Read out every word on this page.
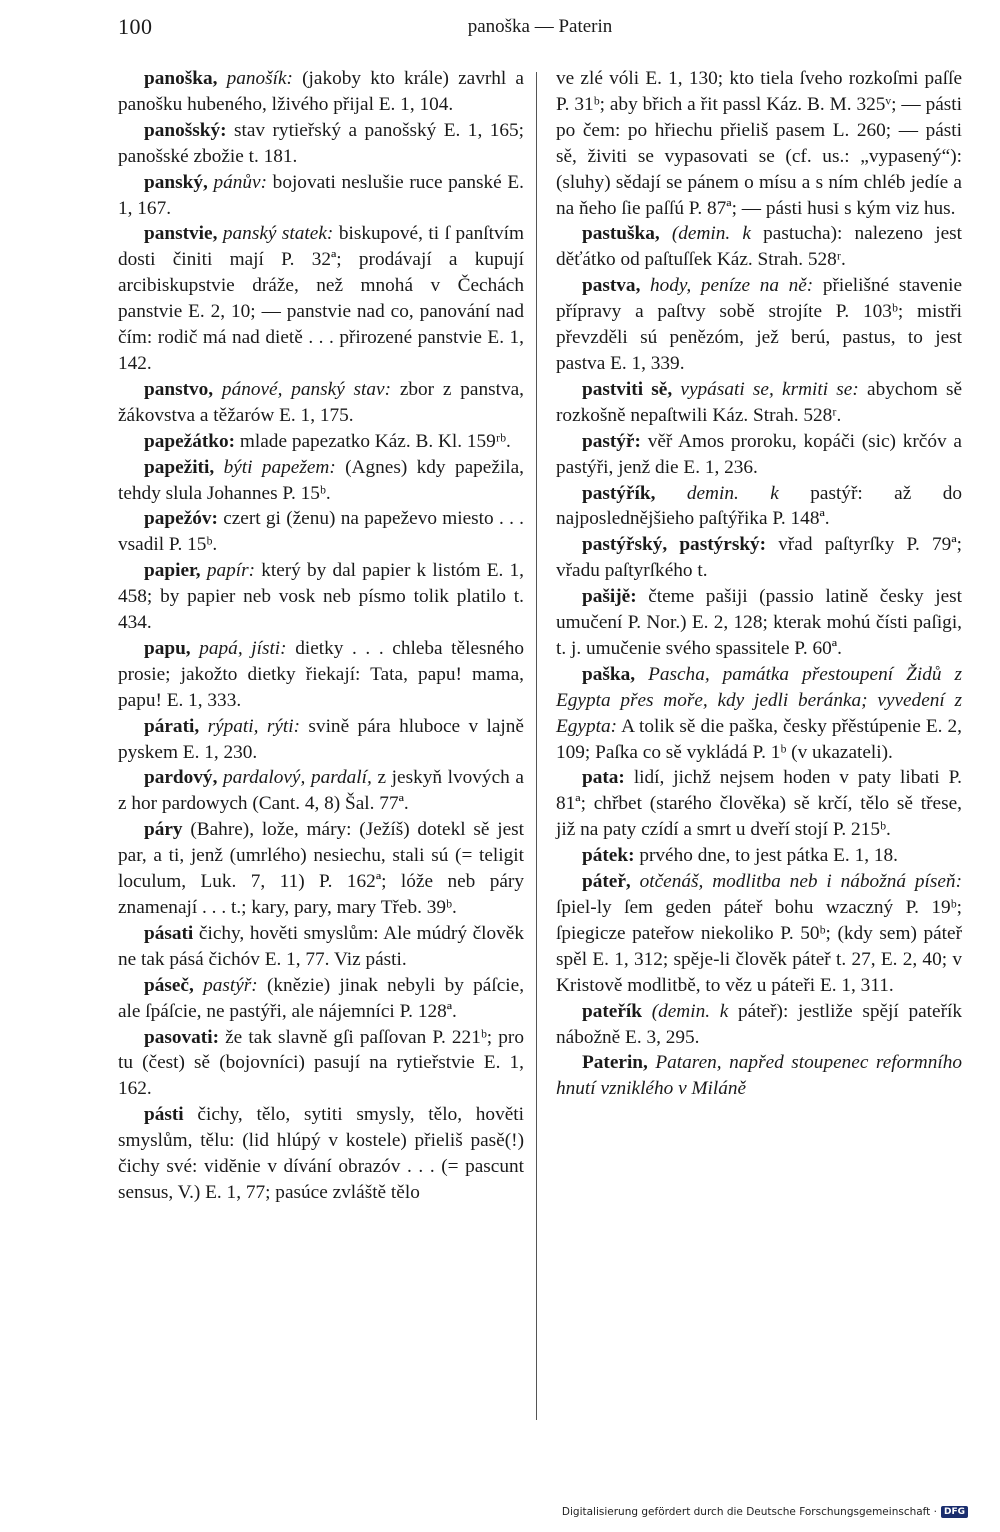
100	panoška — Paterin

panoška, panošík: (jakoby kto krále) zavrhl a panošku hubeného, lživého přijal E. 1, 104.

panošský: stav rytieřský a panošský E. 1, 165; panošské zbožie t. 181.

panský, pánův: bojovati neslušie ruce panské E. 1, 167.

panstvie, panský statek: biskupové, ti ſ panſtvím dosti činiti mají P. 32ª; prodávají a kupují arcibiskupstvie dráže, než mnohá v Čechách panstvie E. 2, 10; — panstvie nad co, panování nad čím: rodič má nad dietě . . . přirozené panstvie E. 1, 142.

panstvo, pánové, panský stav: zbor z panstva, žákovstva a těžarów E. 1, 175.

papežátko: mlade papezatko Káz. B. Kl. 159ʳᵇ.

papežiti, býti papežem: (Agnes) kdy papežila, tehdy slula Johannes P. 15ᵇ.

papežóv: czert gi (ženu) na papeževo miesto . . . vsadil P. 15ᵇ.

papier, papír: který by dal papier k listóm E. 1, 458; by papier neb vosk neb písmo tolik platilo t. 434.

papu, papá, jísti: dietky . . . chleba tělesného prosie; jakožto dietky řiekají: Tata, papu! mama, papu! E. 1, 333.

párati, rýpati, rýti: svině pára hluboce v lajně pyskem E. 1, 230.

pardový, pardalový, pardalí, z jeskyň lvových a z hor pardowych (Cant. 4, 8) Šal. 77ª.

páry (Bahre), lože, máry: (Ježíš) dotekl sě jest par, a ti, jenž (umrlého) nesiechu, stali sú (= teligit loculum, Luk. 7, 11) P. 162ª; lóže neb páry znamenají . . . t.; kary, pary, mary Třeb. 39ᵇ.

pásati čichy, hověti smyslům: Ale múdrý člověk ne tak pásá čichóv E. 1, 77. Viz pásti.

páseč, pastýř: (knězie) jinak nebyli by páſcie, ale ſpáſcie, ne pastýři, ale nájemníci P. 128ª.

pasovati: že tak slavně gſi paſſovan P. 221ᵇ; pro tu (čest) sě (bojovníci) pasují na rytieřstvie E. 1, 162.

pásti čichy, tělo, sytiti smysly, tělo, hověti smyslům, tělu: (lid hlúpý v kostele) přieliš pasě(!) čichy své: vidĕnie v dívání obrazóv . . . (= pascunt sensus, V.) E. 1, 77; pasúce zvláště tělo

ve zlé vóli E. 1, 130; kto tiela ſveho rozkoſmi paſſe P. 31ᵇ; aby břich a řit passl Káz. B. M. 325ᵛ; — pásti po čem: po hřiechu přieliš pasem L. 260; — pásti sě, živiti se vypasovati se (cf. us.: „vypasený“): (sluhy) sědají se pánem o mísu a s ním chléb jedíe a na ňeho ſie paſſú P. 87ª; — pásti husi s kým viz hus.

pastuška, (demin. k pastucha): nalezeno jest děťátko od paſtuſſek Káz. Strah. 528ʳ.

pastva, hody, peníze na ně: přielišné stavenie přípravy a paſtvy sobě strojíte P. 103ᵇ; mistři převzděli sú penězóm, jež berú, pastus, to jest pastva E. 1, 339.

pastviti sě, vypásati se, krmiti se: abychom sě rozkošně nepaſtwili Káz. Strah. 528ʳ.

pastýř: věř Amos proroku, kopáči (sic) krčóv a pastýři, jenž die E. 1, 236.

pastýřík, demin. k pastýř: až do najposlednějšieho paſtýřika P. 148ª.

pastýřský, pastýrský: vřad paſtyrſky P. 79ª; vřadu paſtyrſkého t.

pašijě: čteme pašiji (passio latině česky jest umučení P. Nor.) E. 2, 128; kterak mohú čísti paſigi, t. j. umučenie svého spassitele P. 60ª.

paška, Pascha, památka přestoupení Židů z Egypta přes moře, kdy jedli beránka; vyvedení z Egypta: A tolik sě die paška, česky přěstúpenie E. 2, 109; Paſka co sě vykládá P. 1ᵇ (v ukazateli).

pata: lidí, jichž nejsem hoden v paty libati P. 81ª; chřbet (starého člověka) sě krčí, tělo sě třese, již na paty czídí a smrt u dveří stojí P. 215ᵇ.

pátek: prvého dne, to jest pátka E. 1, 18.

páteř, otčenáš, modlitba neb i nábožná píseň: ſpiel-ly ſem geden páteř bohu wzaczný P. 19ᵇ; ſpiegicze pateřow niekoliko P. 50ᵇ; (kdy sem) páteř spěl E. 1, 312; spěje-li člověk páteř t. 27, E. 2, 40; v Kristově modlitbě, to věz u páteři E. 1, 311.

pateřík (demin. k páteř): jestliže spějí pateřík nábožně E. 3, 295.

Paterin, Pataren, napřed stoupenec reformního hnutí vzniklého v Miláně

Digitalisierung gefördert durch die Deutsche Forschungsgemeinschaft · DFG
